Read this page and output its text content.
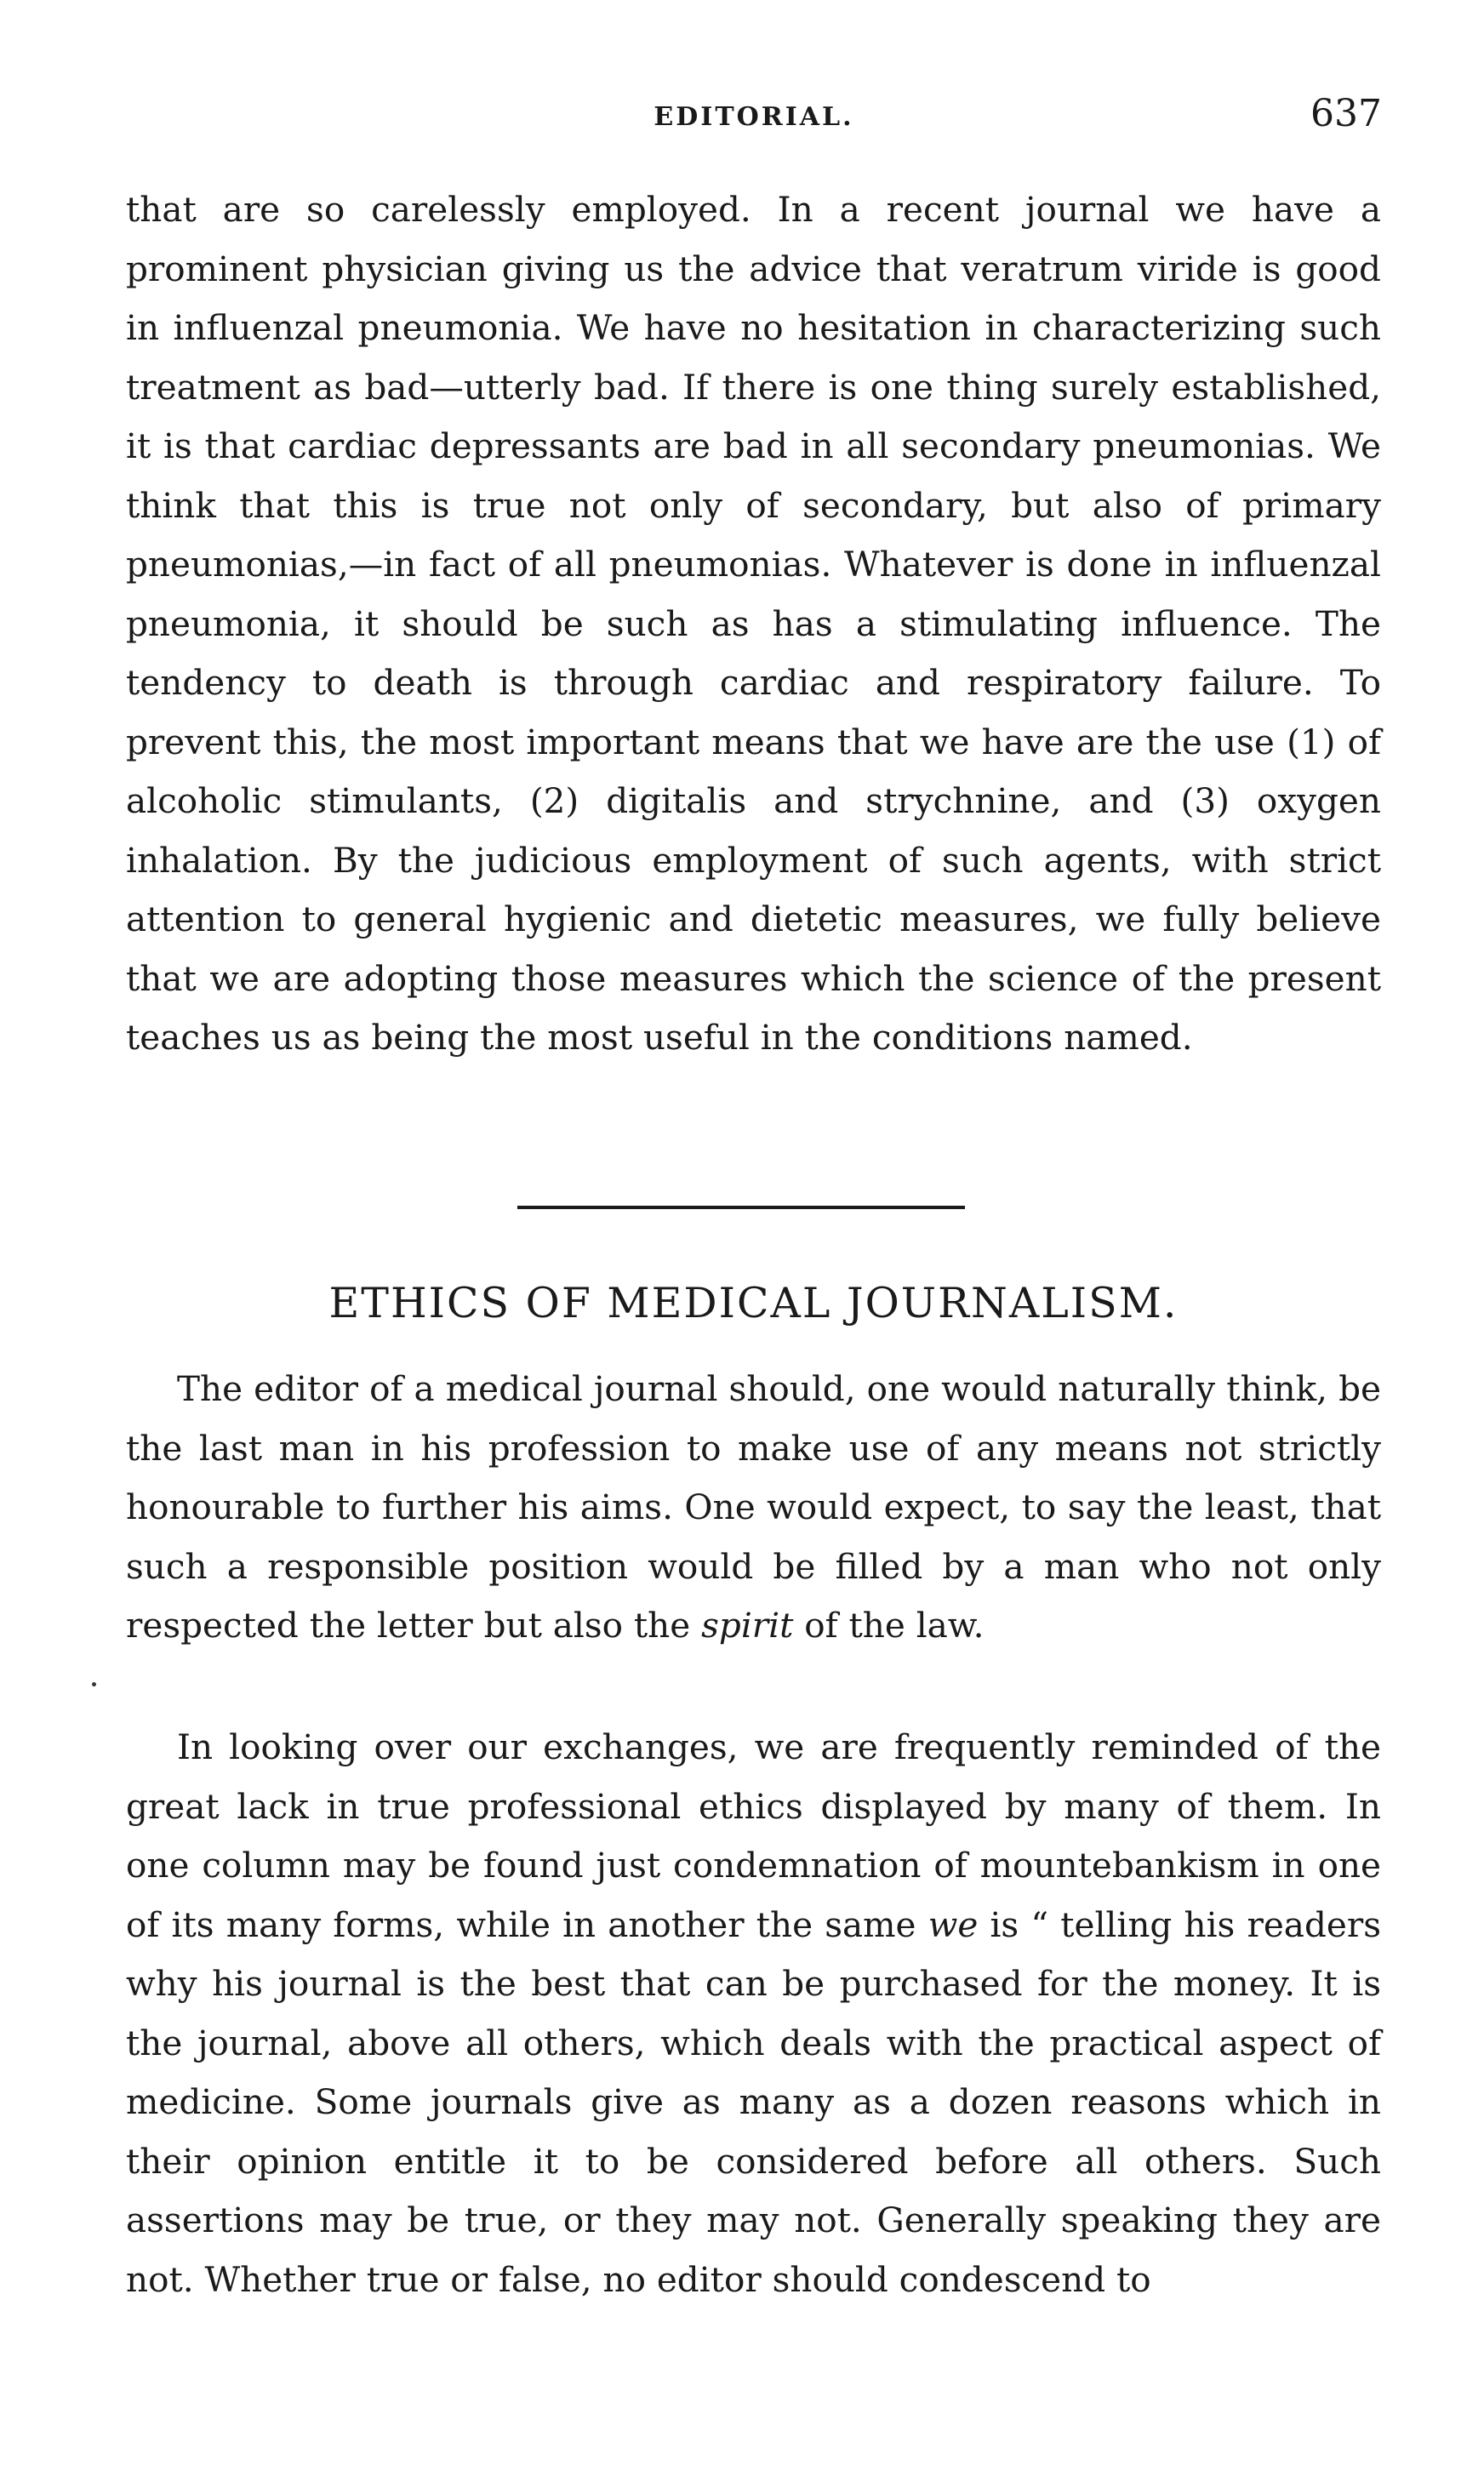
EDITORIAL.	637

that are so carelessly employed. In a recent journal we have a prominent physician giving us the advice that veratrum viride is good in influenzal pneumonia. We have no hesitation in characterizing such treatment as bad—utterly bad. If there is one thing surely established, it is that cardiac depressants are bad in all secondary pneumonias. We think that this is true not only of secondary, but also of primary pneumonias,—in fact of all pneumonias. Whatever is done in influenzal pneumonia, it should be such as has a stimulating influence. The tendency to death is through cardiac and respiratory failure. To prevent this, the most important means that we have are the use (1) of alcoholic stimulants, (2) digitalis and strychnine, and (3) oxygen inhalation. By the judicious employment of such agents, with strict attention to general hygienic and dietetic measures, we fully believe that we are adopting those measures which the science of the present teaches us as being the most useful in the conditions named.

ETHICS OF MEDICAL JOURNALISM.

The editor of a medical journal should, one would naturally think, be the last man in his profession to make use of any means not strictly honourable to further his aims. One would expect, to say the least, that such a responsible position would be filled by a man who not only respected the letter but also the spirit of the law.

In looking over our exchanges, we are frequently reminded of the great lack in true professional ethics displayed by many of them. In one column may be found just condemnation of mountebankism in one of its many forms, while in another the same we is “ telling his readers why his journal is the best that can be purchased for the money. It is the journal, above all others, which deals with the practical aspect of medicine. Some journals give as many as a dozen reasons which in their opinion entitle it to be considered before all others. Such assertions may be true, or they may not. Generally speaking they are not. Whether true or false, no editor should condescend to
